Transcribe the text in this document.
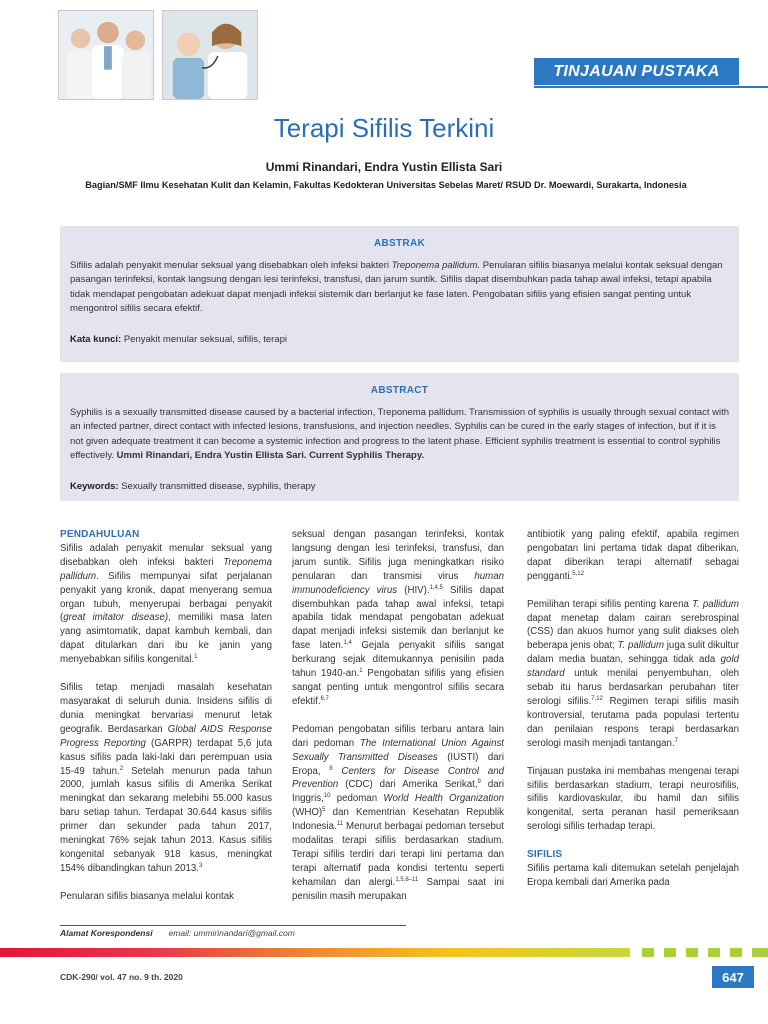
TINJAUAN PUSTAKA
Terapi Sifilis Terkini
Ummi Rinandari, Endra Yustin Ellista Sari
Bagian/SMF Ilmu Kesehatan Kulit dan Kelamin, Fakultas Kedokteran Universitas Sebelas Maret/ RSUD Dr. Moewardi, Surakarta, Indonesia
ABSTRAK
Sifilis adalah penyakit menular seksual yang disebabkan oleh infeksi bakteri Treponema pallidum. Penularan sifilis biasanya melalui kontak seksual dengan pasangan terinfeksi, kontak langsung dengan lesi terinfeksi, transfusi, dan jarum suntik. Sifilis dapat disembuhkan pada tahap awal infeksi, tetapi apabila tidak mendapat pengobatan adekuat dapat menjadi infeksi sistemik dan berlanjut ke fase laten. Pengobatan sifilis yang efisien sangat penting untuk mengontrol sifilis secara efektif.
Kata kunci: Penyakit menular seksual, sifilis, terapi
ABSTRACT
Syphilis is a sexually transmitted disease caused by a bacterial infection, Treponema pallidum. Transmission of syphilis is usually through sexual contact with an infected partner, direct contact with infected lesions, transfusions, and injection needles. Syphilis can be cured in the early stages of infection, but if it is not given adequate treatment it can become a systemic infection and progress to the latent phase. Efficient syphilis treatment is essential to control syphilis effectively. Ummi Rinandari, Endra Yustin Ellista Sari. Current Syphilis Therapy.
Keywords: Sexually transmitted disease, syphilis, therapy
PENDAHULUAN

Sifilis adalah penyakit menular seksual yang disebabkan oleh infeksi bakteri Treponema pallidum. Sifilis mempunyai sifat perjalanan penyakit yang kronik, dapat menyerang semua organ tubuh, menyerupai berbagai penyakit (great imitator disease), memiliki masa laten yang asimtomatik, dapat kambuh kembali, dan dapat ditularkan dari ibu ke janin yang menyebabkan sifilis kongenital.$^1$

Sifilis tetap menjadi masalah kesehatan masyarakat di seluruh dunia. Insidens sifilis di dunia meningkat bervariasi menurut letak geografik. Berdasarkan Global AIDS Response Progress Reporting (GARPR) terdapat 5,6 juta kasus sifilis pada laki-laki dan perempuan usia 15-49 tahun.$^2$ Setelah menurun pada tahun 2000, jumlah kasus sifilis di Amerika Serikat meningkat dan sekarang melebihi 55.000 kasus baru setiap tahun. Terdapat 30.644 kasus sifilis primer dan sekunder pada tahun 2017, meningkat 76% sejak tahun 2013. Kasus sifilis kongenital sebanyak 918 kasus, meningkat 154% dibandingkan tahun 2013.$^3$

Penularan sifilis biasanya melalui kontak

seksual dengan pasangan terinfeksi, kontak langsung dengan lesi terinfeksi, transfusi, dan jarum suntik. Sifilis juga meningkatkan risiko penularan dan transmisi virus human immunodeficiency virus (HIV).$^{1,4,5}$ Sifilis dapat disembuhkan pada tahap awal infeksi, tetapi apabila tidak mendapat pengobatan adekuat dapat menjadi infeksi sistemik dan berlanjut ke fase laten.$^{1,4}$ Gejala penyakit sifilis sangat berkurang sejak ditemukannya penisilin pada tahun 1940-an.$^1$ Pengobatan sifilis yang efisien sangat penting untuk mengontrol sifilis secara efektif.$^{6,7}$

Pedoman pengobatan sifilis terbaru antara lain dari pedoman The International Union Against Sexually Transmitted Diseases (IUSTI) dari Eropa, $^8$ Centers for Disease Control and Prevention (CDC) dari Amerika Serikat,$^9$ dari Inggris,$^{10}$ pedoman World Health Organization (WHO)$^5$ dan Kementrian Kesehatan Republik Indonesia.$^{11}$ Menurut berbagai pedoman tersebut modalitas terapi sifilis berdasarkan stadium. Terapi sifilis terdiri dari terapi lini pertama dan terapi alternatif pada kondisi tertentu seperti kehamilan dan alergi.$^{1,5,8-11}$ Sampai saat ini penisilin masih merupakan

antibiotik yang paling efektif, apabila regimen pengobatan lini pertama tidak dapat diberikan, dapat diberikan terapi alternatif sebagai pengganti.$^{5,12}$

Pemilihan terapi sifilis penting karena T. pallidum dapat menetap dalam cairan serebrospinal (CSS) dan akuos humor yang sulit diakses oleh beberapa jenis obat; T. pallidum juga sulit dikultur dalam media buatan, sehingga tidak ada gold standard untuk menilai penyembuhan, oleh sebab itu harus berdasarkan perubahan titer serologi sifilis.$^{7,12}$ Regimen terapi sifilis masih kontroversial, terutama pada populasi tertentu dan penilaian respons terapi berdasarkan serologi masih menjadi tantangan.$^7$

Tinjauan pustaka ini membahas mengenai terapi sifilis berdasarkan stadium, terapi neurosifilis, sifilis kardiovaskular, ibu hamil dan sifilis kongenital, serta peranan hasil pemeriksaan serologi sifilis terhadap terapi.

SIFILIS

Sifilis pertama kali ditemukan setelah penjelajah Eropa kembali dari Amerika pada

Alamat Korespondensi email: ummirinandari@gmail.com
CDK-290/ vol. 47 no. 9 th. 2020	647
